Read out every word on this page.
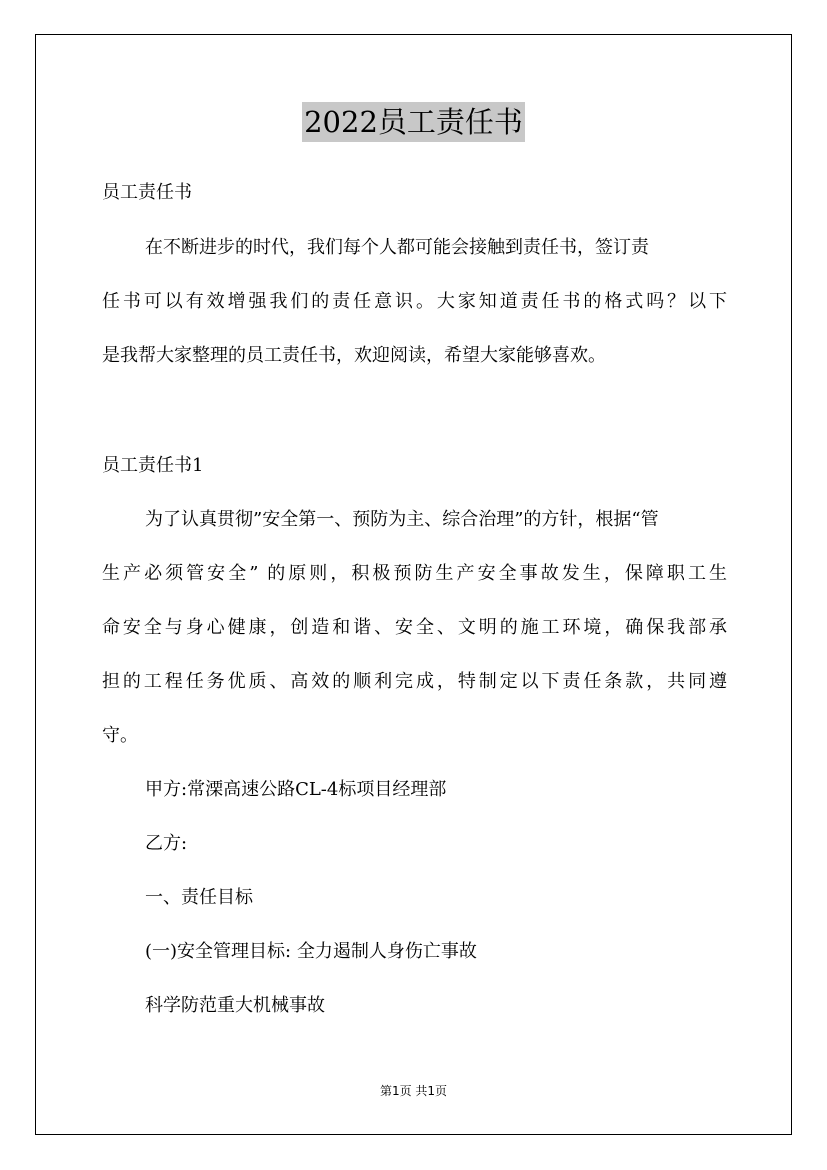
2022员工责任书
员工责任书
在不断进步的时代，我们每个人都可能会接触到责任书，签订责
任书可以有效增强我们的责任意识。大家知道责任书的格式吗？以下
是我帮大家整理的员工责任书，欢迎阅读，希望大家能够喜欢。
员工责任书1
为了认真贯彻”安全第一、预防为主、综合治理”的方针，根据“管
生产必须管安全” 的原则，积极预防生产安全事故发生，保障职工生
命安全与身心健康，创造和谐、安全、文明的施工环境，确保我部承
担的工程任务优质、高效的顺利完成，特制定以下责任条款，共同遵
守。
甲方:常溧高速公路CL-4标项目经理部
乙方:
一、责任目标
(一)安全管理目标: 全力遏制人身伤亡事故
科学防范重大机械事故
第1页 共1页
